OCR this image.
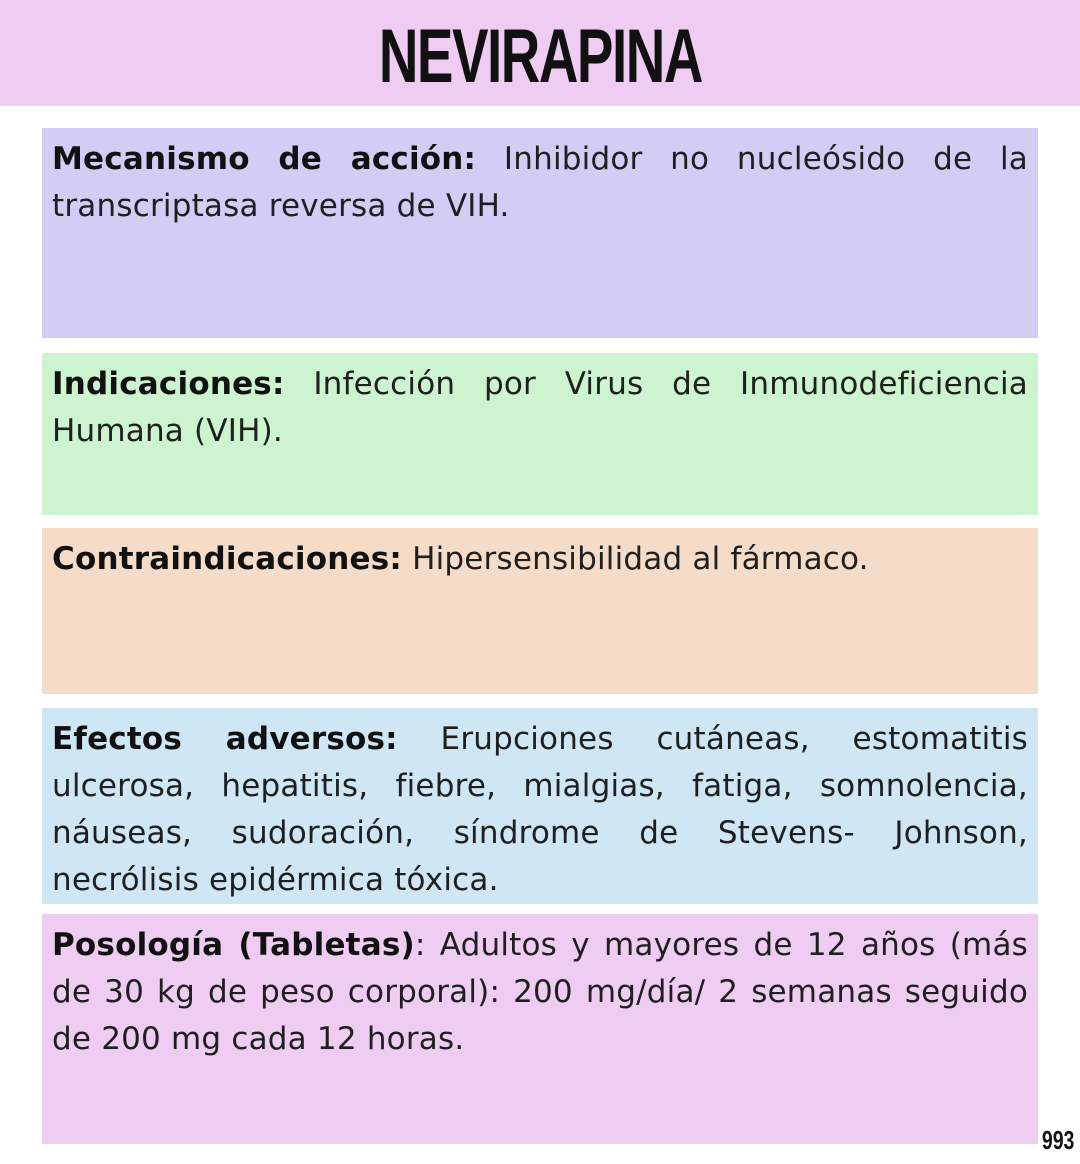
NEVIRAPINA

Mecanismo de acción: Inhibidor no nucleósido de la transcriptasa reversa de VIH.

Indicaciones: Infección por Virus de Inmunodeficiencia Humana (VIH).

Contraindicaciones: Hipersensibilidad al fármaco.

Efectos adversos: Erupciones cutáneas, estomatitis ulcerosa, hepatitis, fiebre, mialgias, fatiga, somnolencia, náuseas, sudoración, síndrome de Stevens- Johnson, necrólisis epidérmica tóxica.

Posología (Tabletas): Adultos y mayores de 12 años (más de 30 kg de peso corporal): 200 mg/día/ 2 semanas seguido de 200 mg cada 12 horas.

993
